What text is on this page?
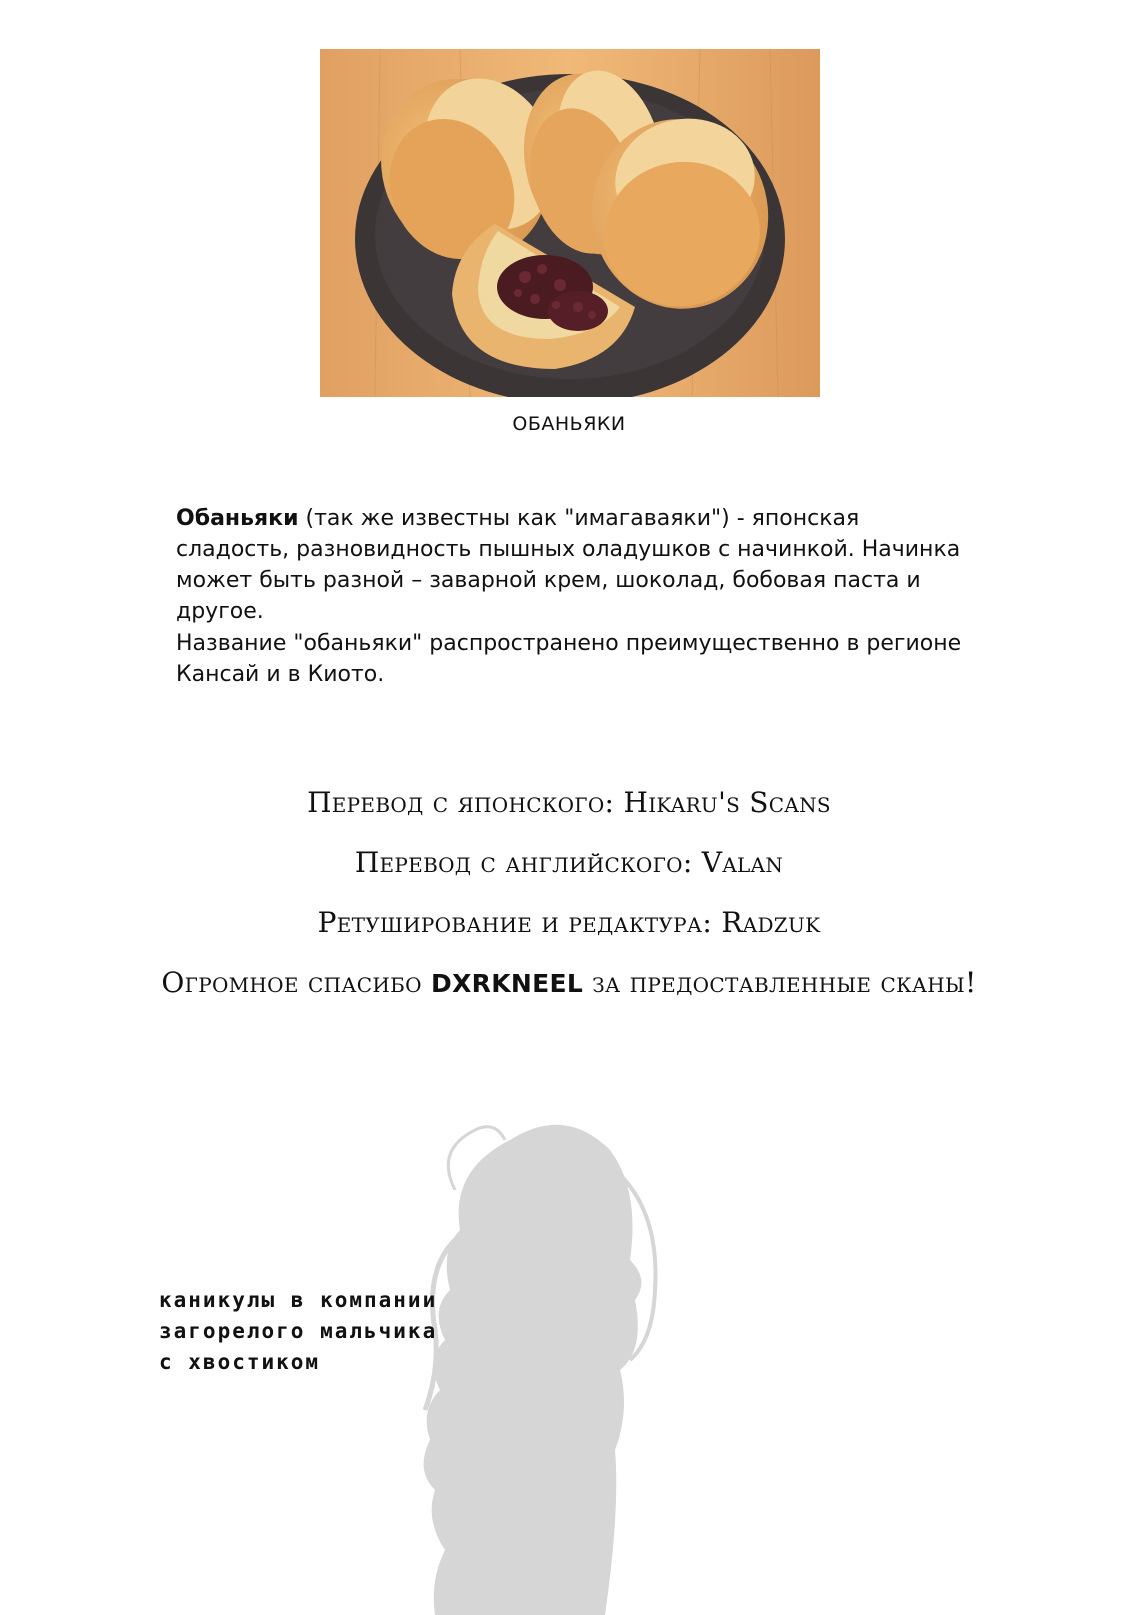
ОБАНЬЯКИ

Обаньяки (так же известны как "имагаваяки") - японская сладость, разновидность пышных оладушков с начинкой. Начинка может быть разной – заварной крем, шоколад, бобовая паста и другое.

Название "обаньяки" распространено преимущественно в регионе Кансай и в Киото.

Перевод с японского: Hikaru's Scans
Перевод с английского: Valan
Ретуширование и редактура: Radzuk
Огромное спасибо DXRKNEEL за предоставленные сканы!
каникулы в компании
загорелого мальчика
с хвостиком
